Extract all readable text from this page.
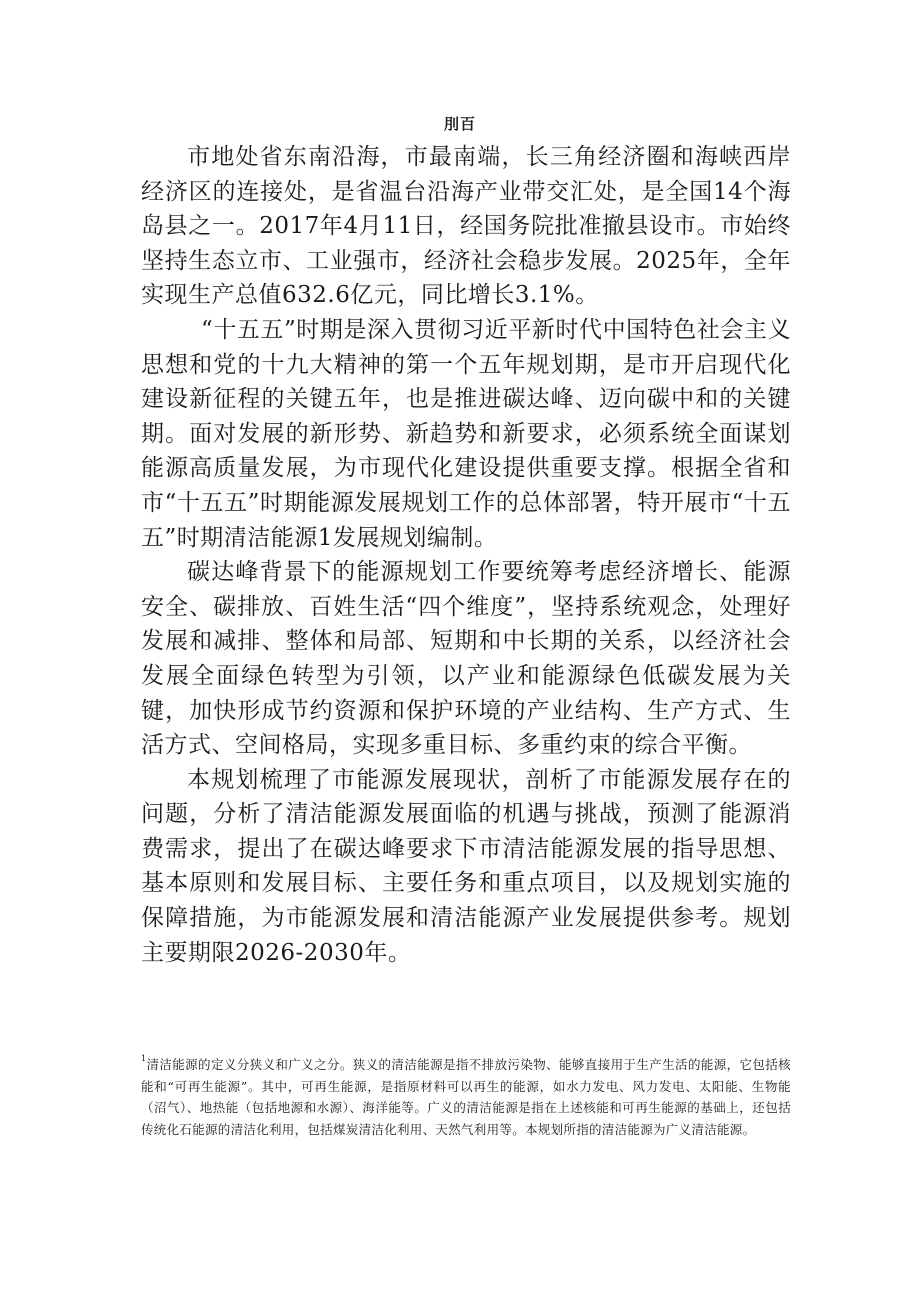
刖百

市地处省东南沿海，市最南端，长三角经济圈和海峡西岸经济区的连接处，是省温台沿海产业带交汇处，是全国14个海岛县之一。2017年4月11日，经国务院批准撤县设市。市始终坚持生态立市、工业强市，经济社会稳步发展。2025年，全年实现生产总值632.6亿元，同比增长3.1%。

“十五五”时期是深入贯彻习近平新时代中国特色社会主义思想和党的十九大精神的第一个五年规划期，是市开启现代化建设新征程的关键五年，也是推进碳达峰、迈向碳中和的关键期。面对发展的新形势、新趋势和新要求，必须系统全面谋划能源高质量发展，为市现代化建设提供重要支撑。根据全省和市“十五五”时期能源发展规划工作的总体部署，特开展市“十五五”时期清洁能源1发展规划编制。

碳达峰背景下的能源规划工作要统筹考虑经济增长、能源安全、碳排放、百姓生活“四个维度”，坚持系统观念，处理好发展和减排、整体和局部、短期和中长期的关系，以经济社会发展全面绿色转型为引领，以产业和能源绿色低碳发展为关键，加快形成节约资源和保护环境的产业结构、生产方式、生活方式、空间格局，实现多重目标、多重约束的综合平衡。

本规划梳理了市能源发展现状，剖析了市能源发展存在的问题，分析了清洁能源发展面临的机遇与挑战，预测了能源消费需求，提出了在碳达峰要求下市清洁能源发展的指导思想、基本原则和发展目标、主要任务和重点项目，以及规划实施的保障措施，为市能源发展和清洁能源产业发展提供参考。规划主要期限2026-2030年。

$^1$清洁能源的定义分狭义和广义之分。狭义的清洁能源是指不排放污染物、能够直接用于生产生活的能源，它包括核能和“可再生能源”。其中，可再生能源，是指原材料可以再生的能源，如水力发电、风力发电、太阳能、生物能（沼气）、地热能（包括地源和水源）、海洋能等。广义的清洁能源是指在上述核能和可再生能源的基础上，还包括传统化石能源的清洁化利用，包括煤炭清洁化利用、天然气利用等。本规划所指的清洁能源为广义清洁能源。
